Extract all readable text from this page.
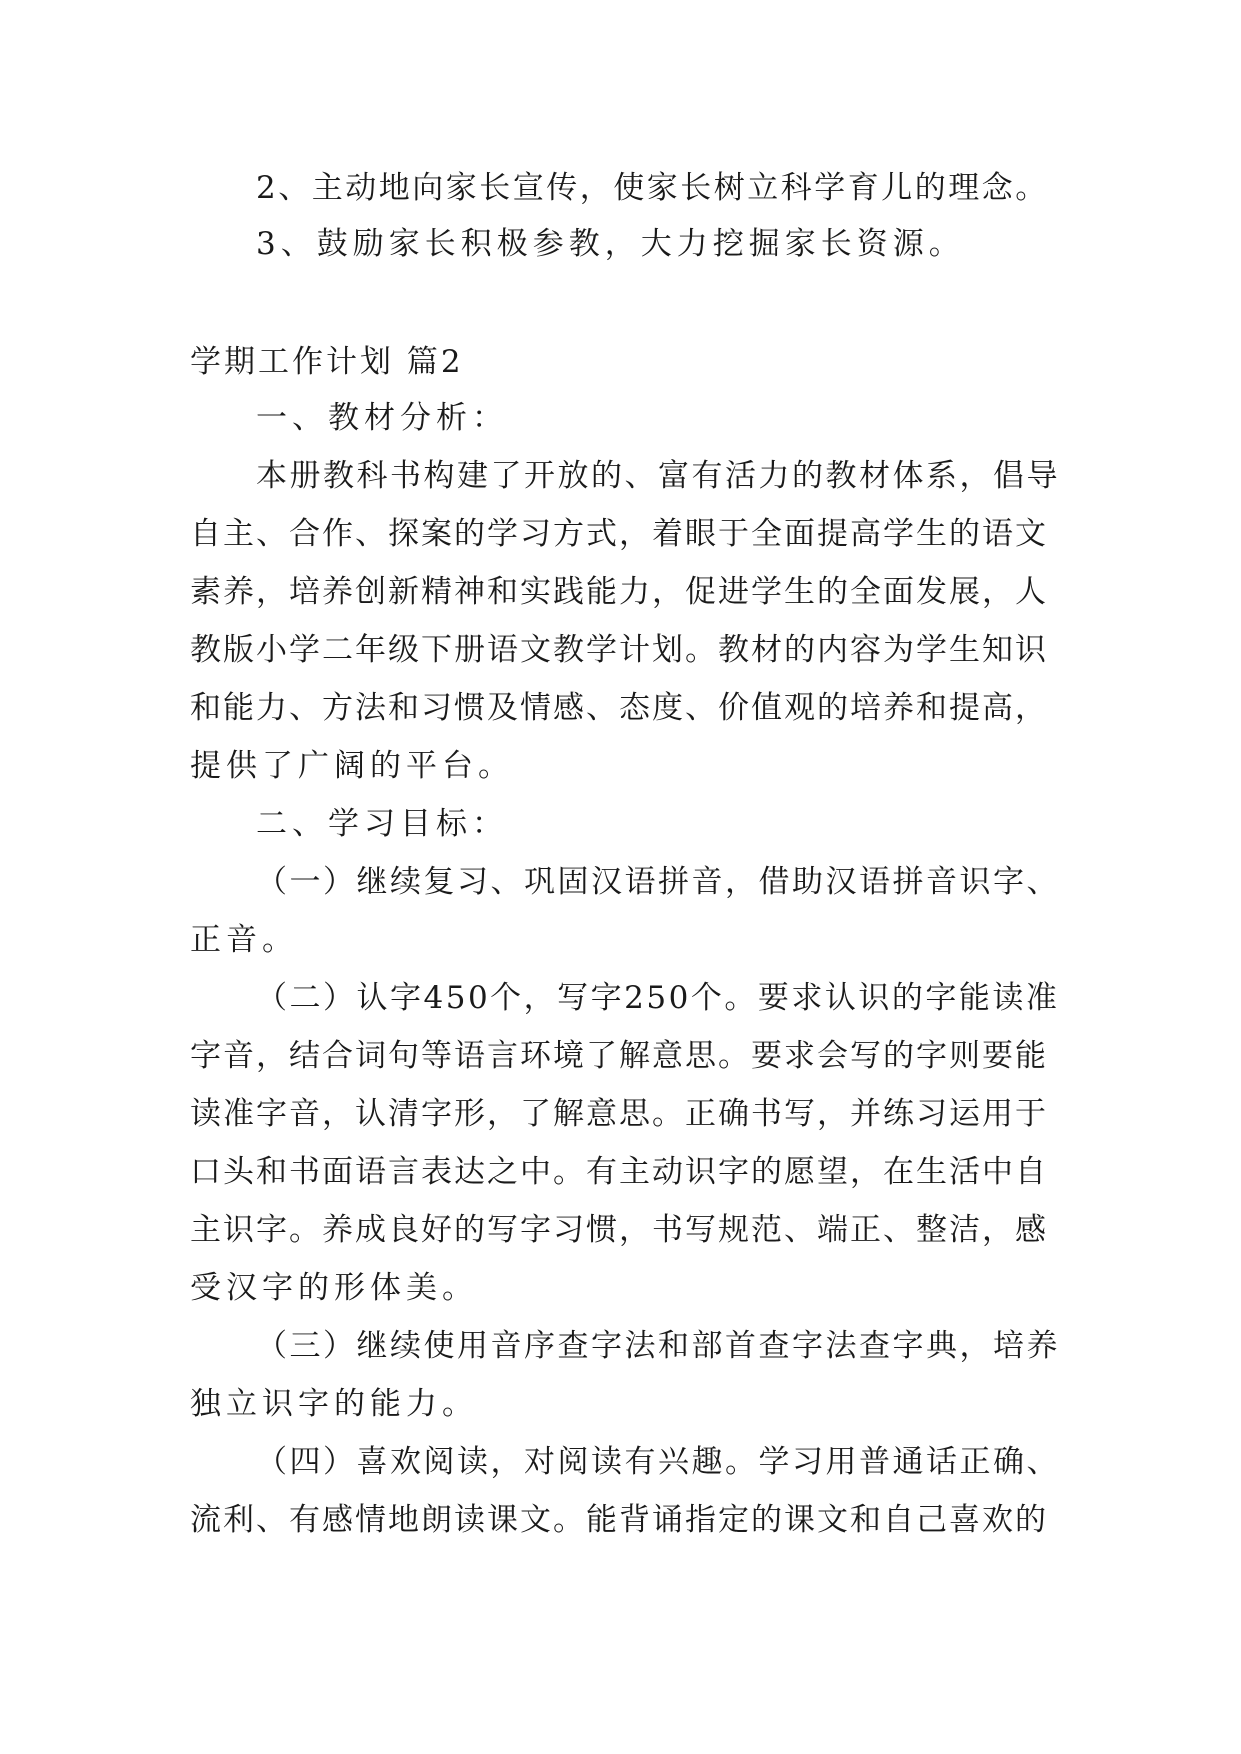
2、主动地向家长宣传，使家长树立科学育儿的理念。
3、鼓励家长积极参教，大力挖掘家长资源。
学期工作计划 篇2
一、教材分析：
本册教科书构建了开放的、富有活力的教材体系，倡导
自主、合作、探案的学习方式，着眼于全面提高学生的语文
素养，培养创新精神和实践能力，促进学生的全面发展，人
教版小学二年级下册语文教学计划。教材的内容为学生知识
和能力、方法和习惯及情感、态度、价值观的培养和提高，
提供了广阔的平台。
二、学习目标：
（一）继续复习、巩固汉语拼音，借助汉语拼音识字、
正音。
（二）认字450个，写字250个。要求认识的字能读准
字音，结合词句等语言环境了解意思。要求会写的字则要能
读准字音，认清字形，了解意思。正确书写，并练习运用于
口头和书面语言表达之中。有主动识字的愿望，在生活中自
主识字。养成良好的写字习惯，书写规范、端正、整洁，感
受汉字的形体美。
（三）继续使用音序查字法和部首查字法查字典，培养
独立识字的能力。
（四）喜欢阅读，对阅读有兴趣。学习用普通话正确、
流利、有感情地朗读课文。能背诵指定的课文和自己喜欢的
